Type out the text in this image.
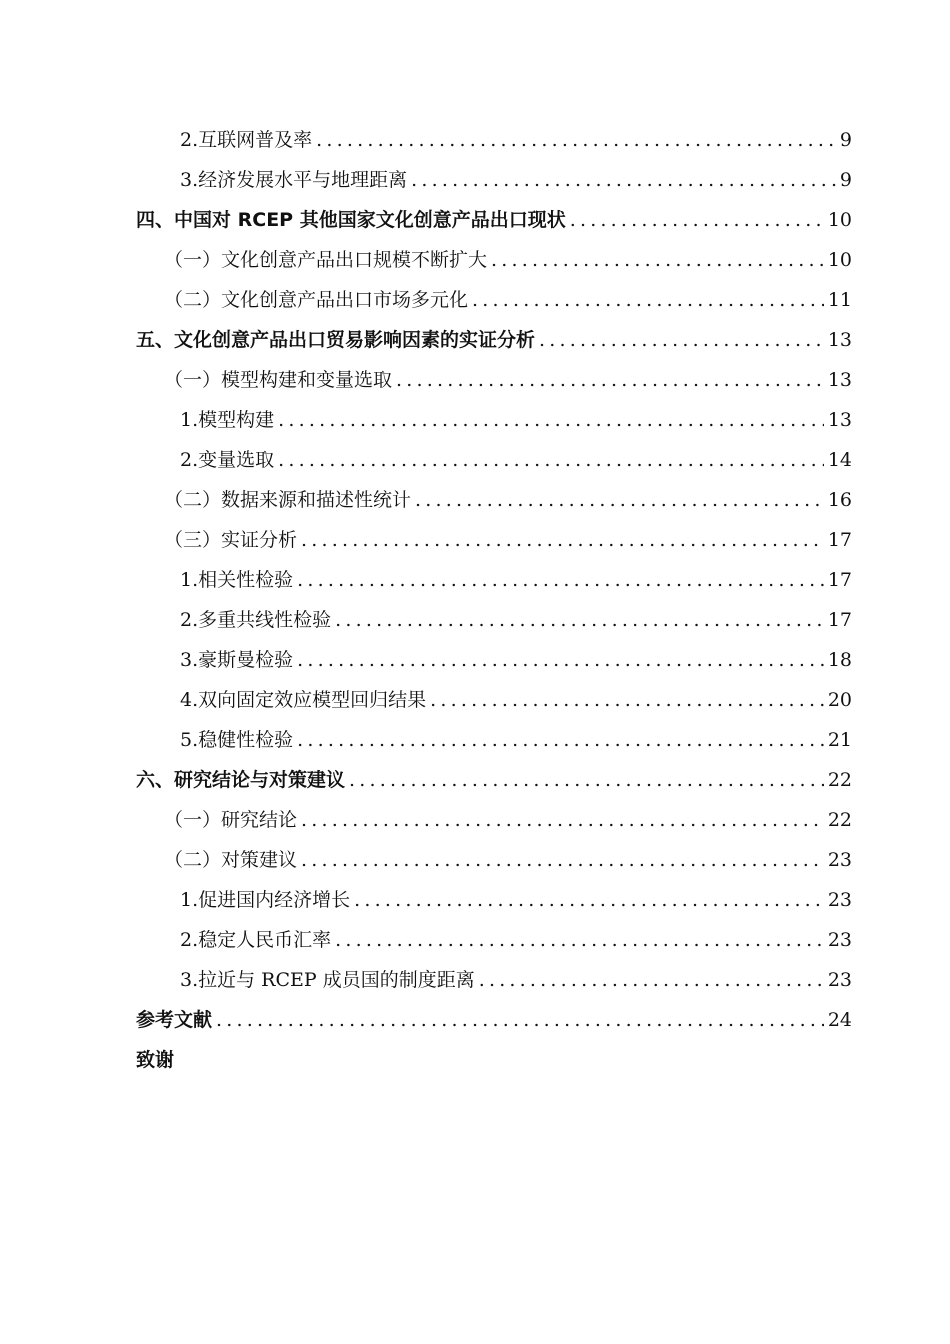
2.互联网普及率 .....	9
3.经济发展水平与地理距离 .....	9
四、中国对 RCEP 其他国家文化创意产品出口现状 .....	10
（一）文化创意产品出口规模不断扩大 .....	10
（二）文化创意产品出口市场多元化 .....	11
五、文化创意产品出口贸易影响因素的实证分析 .....	13
（一）模型构建和变量选取 .....	13
1.模型构建 .....	13
2.变量选取 .....	14
（二）数据来源和描述性统计 .....	16
（三）实证分析 .....	17
1.相关性检验 .....	17
2.多重共线性检验 .....	17
3.豪斯曼检验 .....	18
4.双向固定效应模型回归结果 .....	20
5.稳健性检验 .....	21
六、研究结论与对策建议 .....	22
（一）研究结论 .....	22
（二）对策建议 .....	23
1.促进国内经济增长 .....	23
2.稳定人民币汇率 .....	23
3.拉近与 RCEP 成员国的制度距离 .....	23
参考文献 .....	24
致谢
